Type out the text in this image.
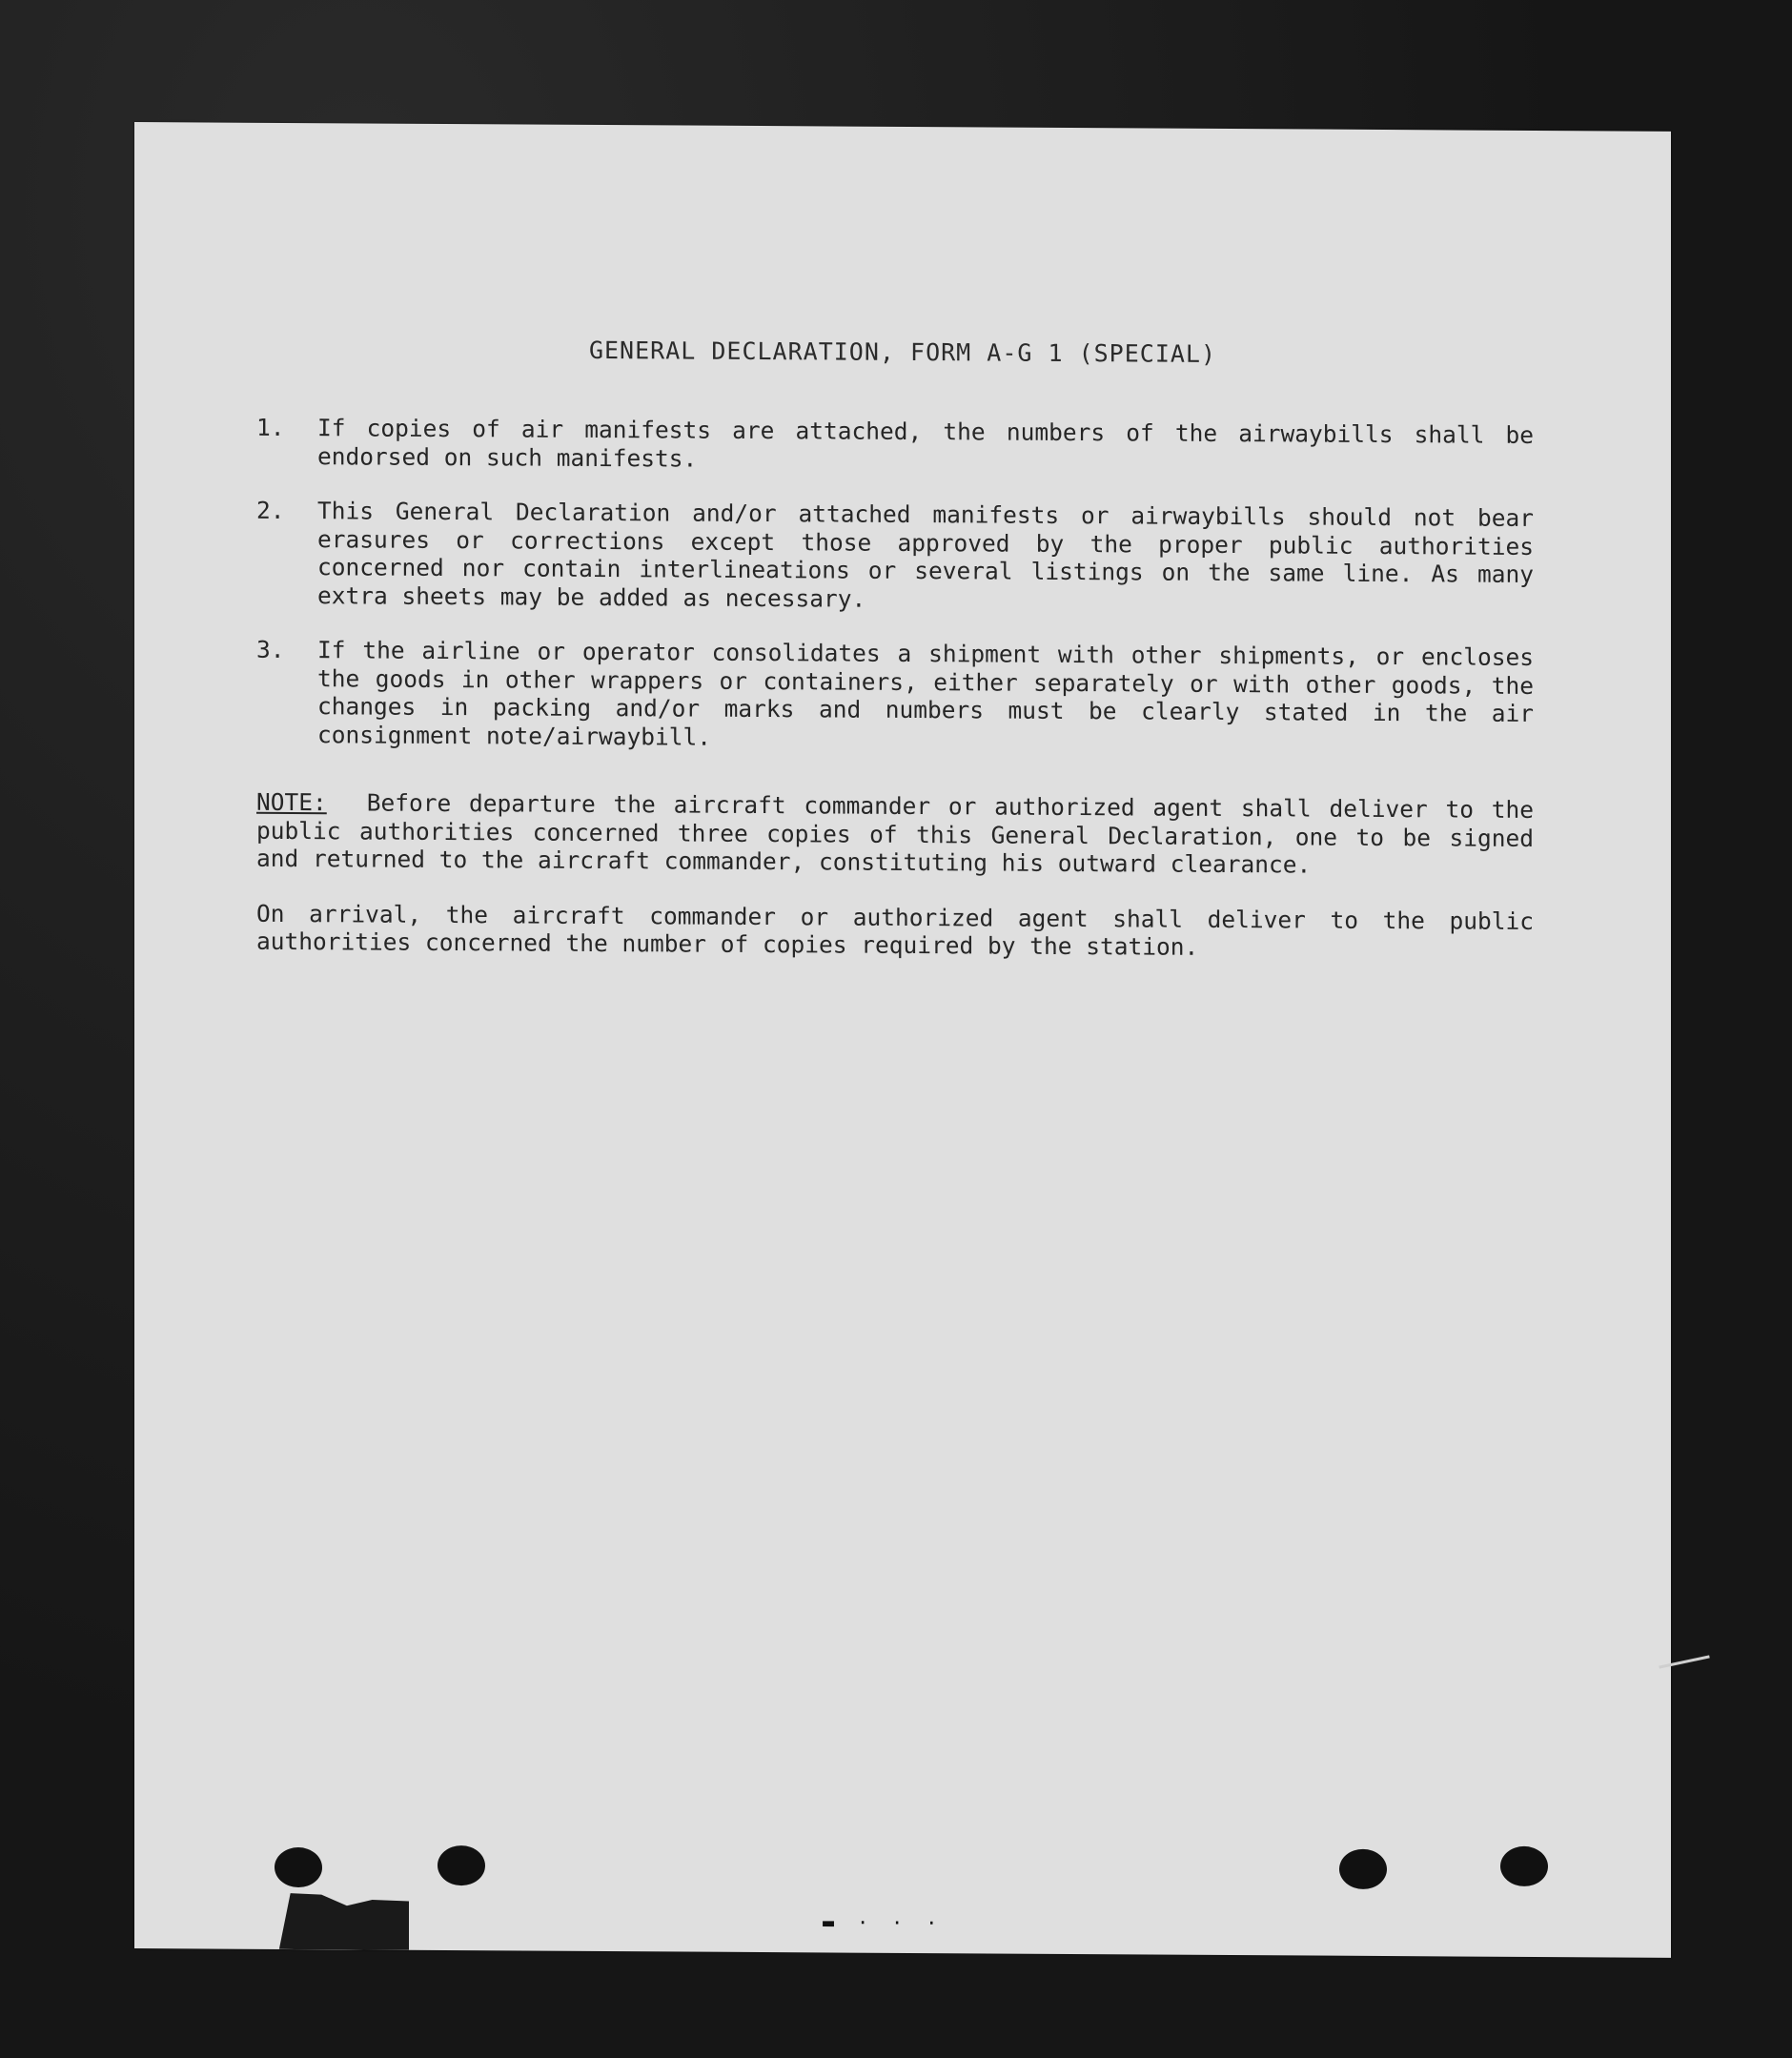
GENERAL DECLARATION, FORM A-G 1 (SPECIAL)
1.	If copies of air manifests are attached, the numbers of the airwaybills shall be endorsed on such manifests.
2.	This General Declaration and/or attached manifests or airwaybills should not bear erasures or corrections except those approved by the proper public authorities concerned nor contain interlineations or several listings on the same line. As many extra sheets may be added as necessary.
3.	If the airline or operator consolidates a shipment with other shipments, or encloses the goods in other wrappers or containers, either separately or with other goods, the changes in packing and/or marks and numbers must be clearly stated in the air consignment note/airwaybill.
NOTE: Before departure the aircraft commander or authorized agent shall deliver to the public authorities concerned three copies of this General Declaration, one to be signed and returned to the aircraft commander, constituting his outward clearance.
On arrival, the aircraft commander or authorized agent shall deliver to the public authorities concerned the number of copies required by the station.
▬ · · ·
